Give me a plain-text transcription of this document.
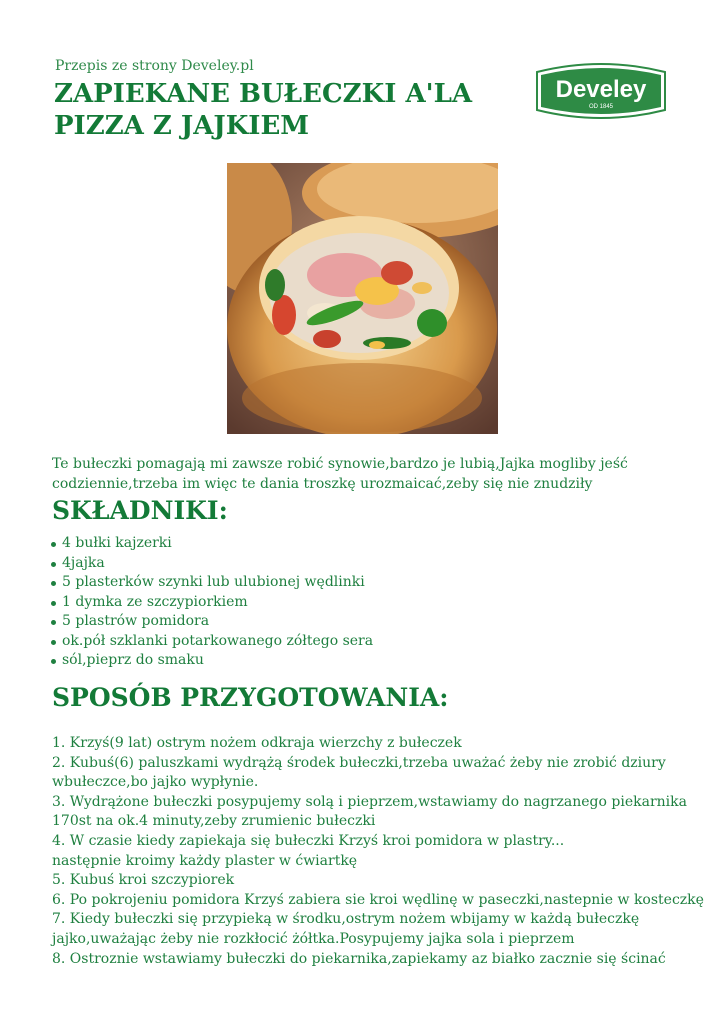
Przepis ze strony Develey.pl
ZAPIEKANE BUŁECZKI A'LA
PIZZA Z JAJKIEM
Develey
OD 1845

Te bułeczki pomagają mi zawsze robić synowie,bardzo je lubią,Jajka mogliby jeść
codziennie,trzeba im więc te dania troszkę urozmaicać,zeby się nie znudziły

SKŁADNIKI:
4 bułki kajzerki
4jajka
5 plasterków szynki lub ulubionej wędlinki
1 dymka ze szczypiorkiem
5 plastrów pomidora
ok.pół szklanki potarkowanego zółtego sera
sól,pieprz do smaku
SPOSÓB PRZYGOTOWANIA:
1. Krzyś(9 lat) ostrym nożem odkraja wierzchy z bułeczek
2. Kubuś(6) paluszkami wydrążą środek bułeczki,trzeba uważać żeby nie zrobić dziury
wbułeczce,bo jajko wypłynie.
3. Wydrążone bułeczki posypujemy solą i pieprzem,wstawiamy do nagrzanego piekarnika
170st na ok.4 minuty,zeby zrumienic bułeczki
4. W czasie kiedy zapiekaja się bułeczki Krzyś kroi pomidora w plastry...
następnie kroimy każdy plaster w ćwiartkę
5. Kubuś kroi szczypiorek
6. Po pokrojeniu pomidora Krzyś zabiera sie kroi wędlinę w paseczki,nastepnie w kosteczkę
7. Kiedy bułeczki się przypieką w środku,ostrym nożem wbijamy w każdą bułeczkę
jajko,uważając żeby nie rozkłocić żółtka.Posypujemy jajka sola i pieprzem
8. Ostroznie wstawiamy bułeczki do piekarnika,zapiekamy az białko zacznie się ścinać
